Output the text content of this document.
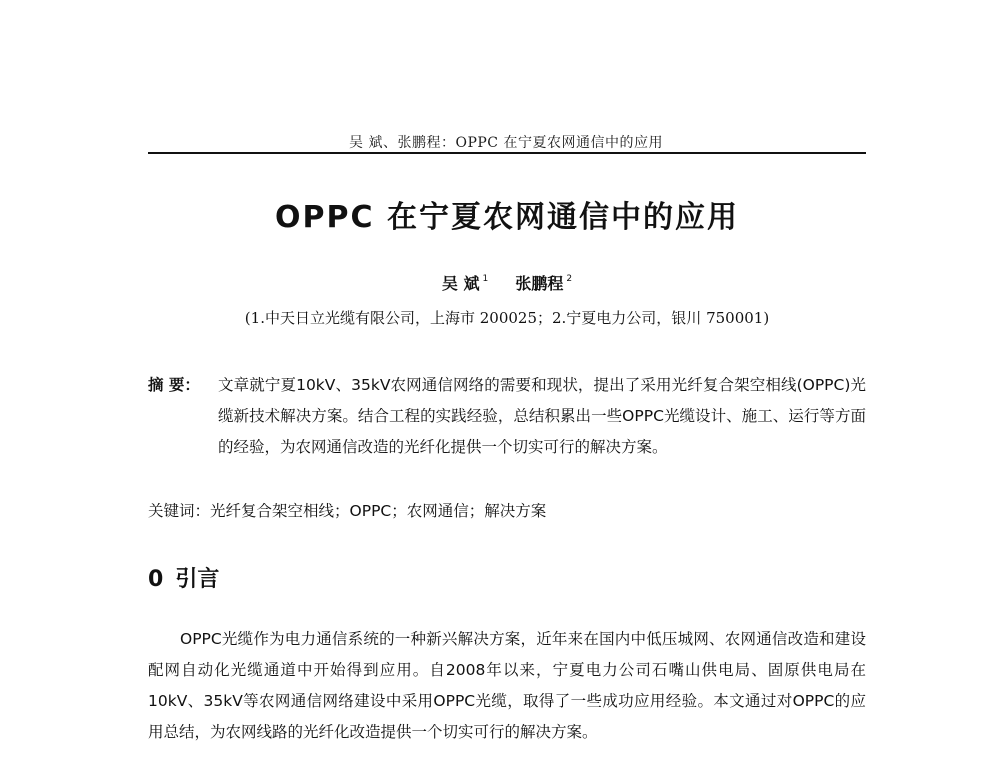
吴 斌、张鹏程：OPPC 在宁夏农网通信中的应用
OPPC 在宁夏农网通信中的应用
吴 斌 $^1$ 张鹏程 $^2$
(1.中天日立光缆有限公司，上海市 200025；2.宁夏电力公司，银川 750001)
摘 要： 文章就宁夏10kV、35kV农网通信网络的需要和现状，提出了采用光纤复合架空相线(OPPC)光缆新技术解决方案。结合工程的实践经验，总结积累出一些OPPC光缆设计、施工、运行等方面的经验，为农网通信改造的光纤化提供一个切实可行的解决方案。
关键词：光纤复合架空相线；OPPC；农网通信；解决方案
0 引言

OPPC光缆作为电力通信系统的一种新兴解决方案，近年来在国内中低压城网、农网通信改造和建设配网自动化光缆通道中开始得到应用。自2008年以来，宁夏电力公司石嘴山供电局、固原供电局在10kV、35kV等农网通信网络建设中采用OPPC光缆，取得了一些成功应用经验。本文通过对OPPC的应用总结，为农网线路的光纤化改造提供一个切实可行的解决方案。
